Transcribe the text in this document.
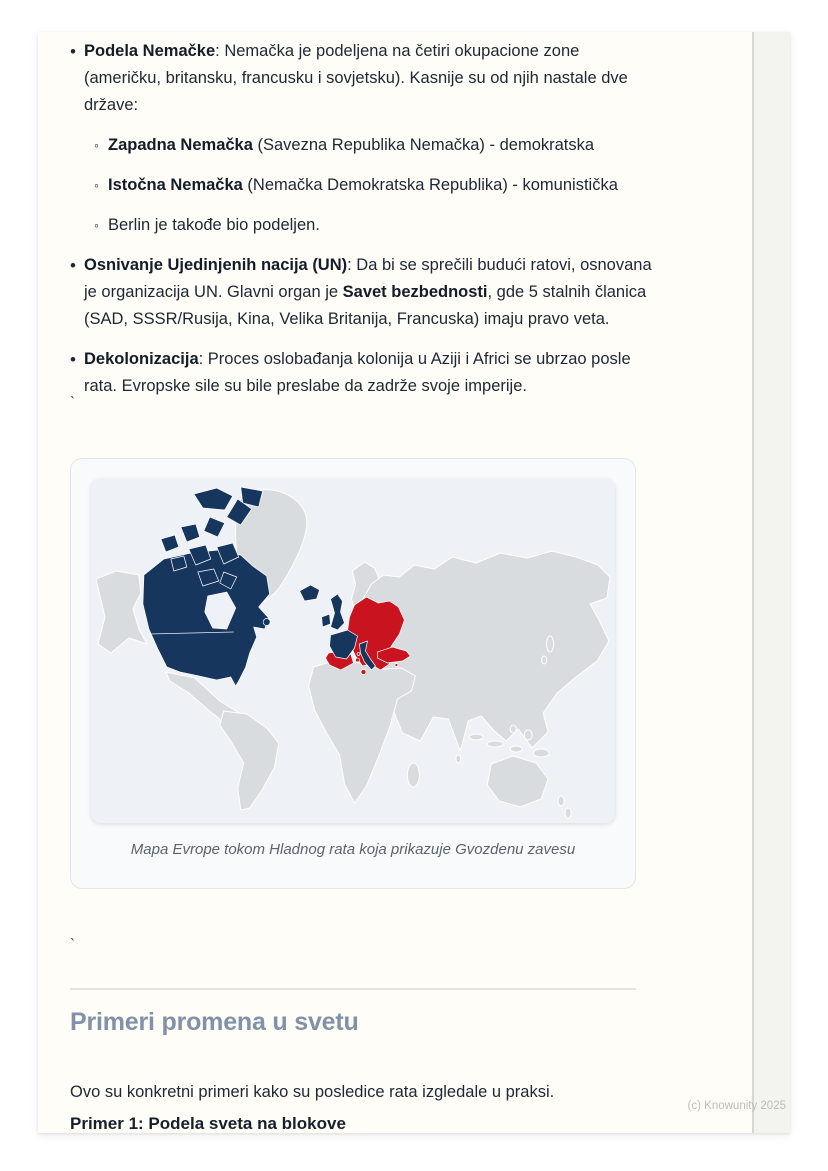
• Podela Nemačke: Nemačka je podeljena na četiri okupacione zone (američku, britansku, francusku i sovjetsku). Kasnije su od njih nastale dve države:
◦ Zapadna Nemačka (Savezna Republika Nemačka) - demokratska
◦ Istočna Nemačka (Nemačka Demokratska Republika) - komunistička
◦ Berlin je takođe bio podeljen.
• Osnivanje Ujedinjenih nacija (UN): Da bi se sprečili budući ratovi, osnovana je organizacija UN. Glavni organ je Savet bezbednosti, gde 5 stalnih članica (SAD, SSSR/Rusija, Kina, Velika Britanija, Francuska) imaju pravo veta.
• Dekolonizacija: Proces oslobađanja kolonija u Aziji i Africi se ubrzao posle rata. Evropske sile su bile preslabe da zadrže svoje imperije.
`
Mapa Evrope tokom Hladnog rata koja prikazuje Gvozdenu zavesu
`
Primeri promena u svetu

Ovo su konkretni primeri kako su posledice rata izgledale u praksi.

Primer 1: Podela sveta na blokove

(c) Knowunity 2025
